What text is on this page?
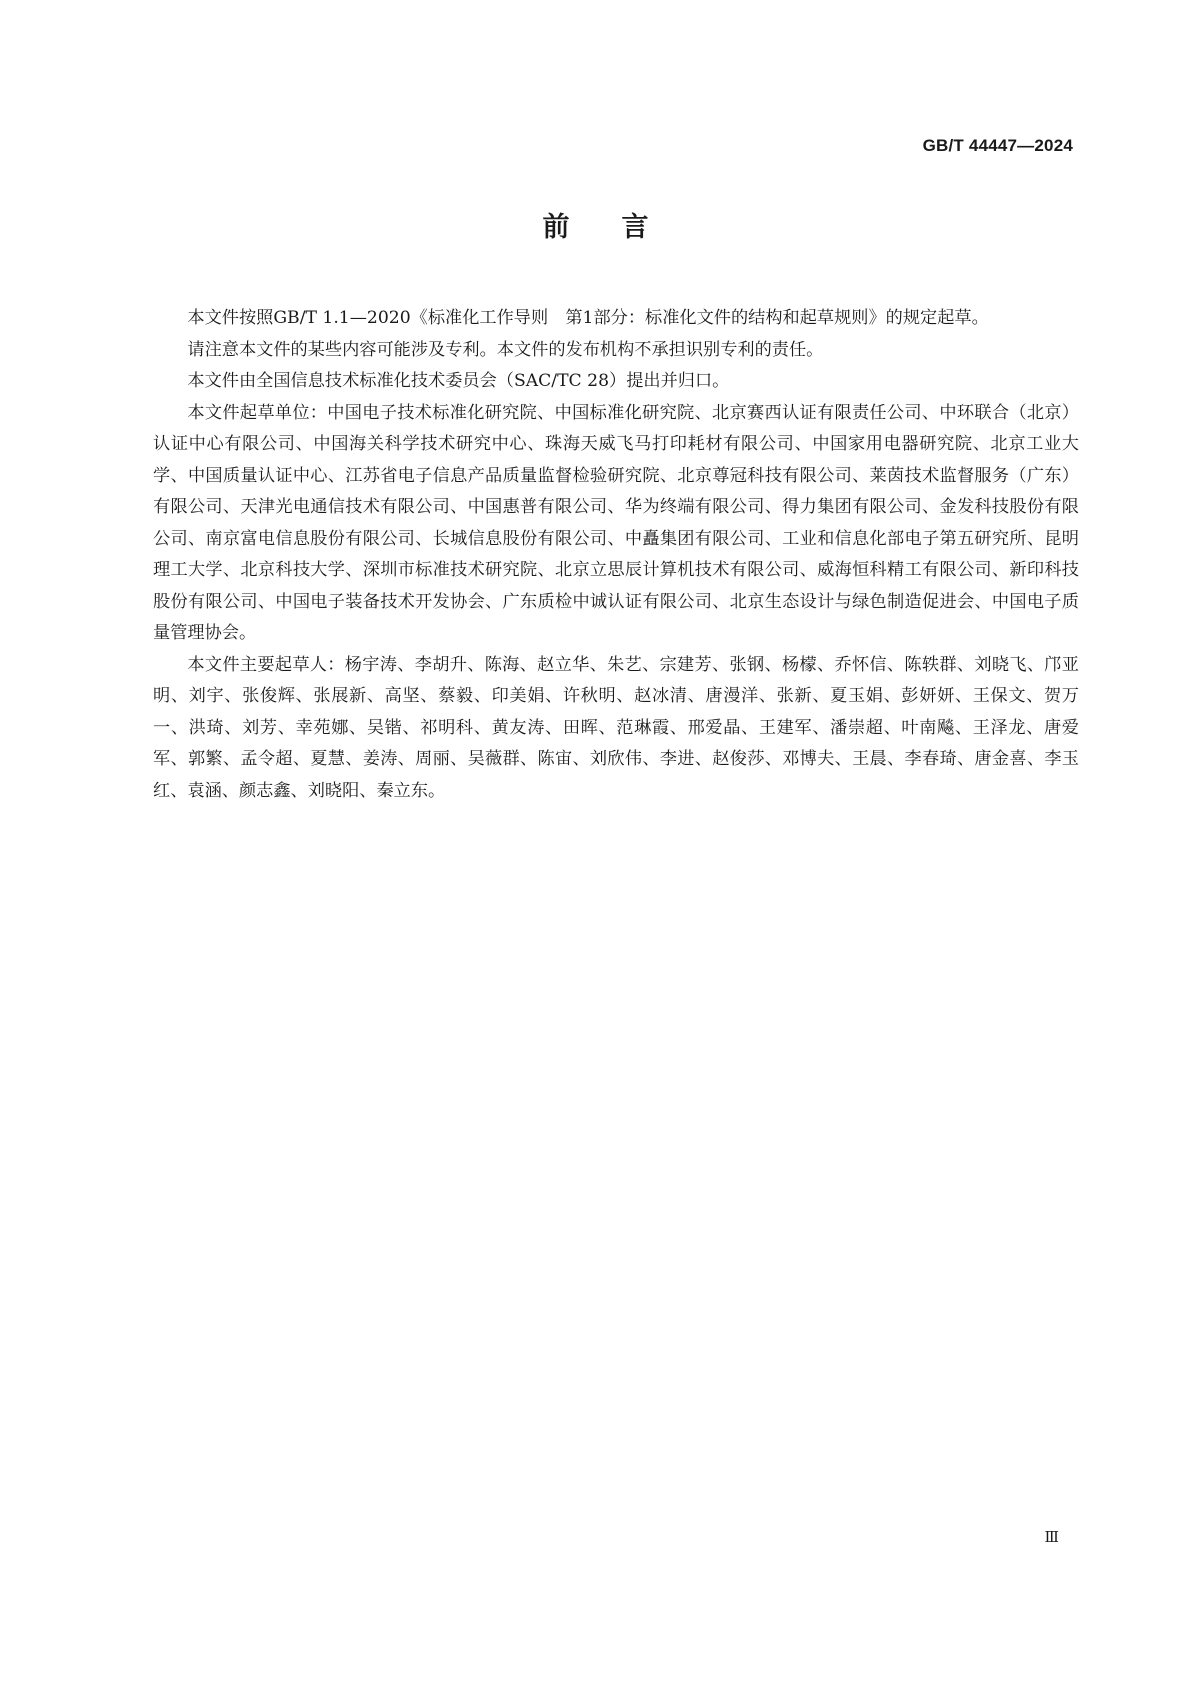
GB/T 44447—2024
前言

本文件按照GB/T 1.1—2020《标准化工作导则　第1部分：标准化文件的结构和起草规则》的规定起草。

请注意本文件的某些内容可能涉及专利。本文件的发布机构不承担识别专利的责任。

本文件由全国信息技术标准化技术委员会（SAC/TC 28）提出并归口。

本文件起草单位：中国电子技术标准化研究院、中国标准化研究院、北京赛西认证有限责任公司、中环联合（北京）认证中心有限公司、中国海关科学技术研究中心、珠海天威飞马打印耗材有限公司、中国家用电器研究院、北京工业大学、中国质量认证中心、江苏省电子信息产品质量监督检验研究院、北京尊冠科技有限公司、莱茵技术监督服务（广东）有限公司、天津光电通信技术有限公司、中国惠普有限公司、华为终端有限公司、得力集团有限公司、金发科技股份有限公司、南京富电信息股份有限公司、长城信息股份有限公司、中矗集团有限公司、工业和信息化部电子第五研究所、昆明理工大学、北京科技大学、深圳市标准技术研究院、北京立思辰计算机技术有限公司、威海恒科精工有限公司、新印科技股份有限公司、中国电子装备技术开发协会、广东质检中诚认证有限公司、北京生态设计与绿色制造促进会、中国电子质量管理协会。

本文件主要起草人：杨宇涛、李胡升、陈海、赵立华、朱艺、宗建芳、张钢、杨檬、乔怀信、陈轶群、刘晓飞、邝亚明、刘宇、张俊辉、张展新、高坚、蔡毅、印美娟、许秋明、赵冰清、唐漫洋、张新、夏玉娟、彭妍妍、王保文、贺万一、洪琦、刘芳、幸苑娜、吴锴、祁明科、黄友涛、田晖、范琳霞、邢爱晶、王建军、潘崇超、叶南飚、王泽龙、唐爱军、郭繁、孟令超、夏慧、姜涛、周丽、吴薇群、陈宙、刘欣伟、李进、赵俊莎、邓博夫、王晨、李春琦、唐金喜、李玉红、袁涵、颜志鑫、刘晓阳、秦立东。

Ⅲ
